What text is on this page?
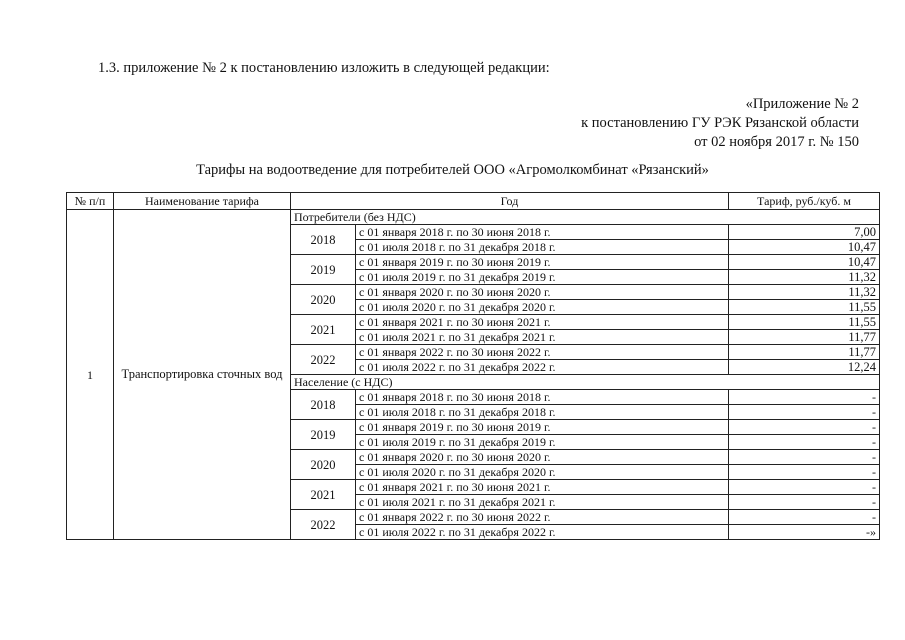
1.3. приложение № 2 к постановлению изложить в следующей редакции:
«Приложение № 2
к постановлению ГУ РЭК Рязанской области
от 02 ноября 2017 г. № 150
Тарифы на водоотведение для потребителей ООО «Агромолкомбинат «Рязанский»
№ п/п	Наименование тарифа	Год		Тариф, руб./куб. м
1	Транспортировка сточных вод	Потребители (без НДС)		
		2018	с 01 января 2018 г. по 30 июня 2018 г.	7,00
			с 01 июля 2018 г. по 31 декабря 2018 г.	10,47
		2019	с 01 января 2019 г. по 30 июня 2019 г.	10,47
			с 01 июля 2019 г. по 31 декабря 2019 г.	11,32
		2020	с 01 января 2020 г. по 30 июня 2020 г.	11,32
			с 01 июля 2020 г. по 31 декабря 2020 г.	11,55
		2021	с 01 января 2021 г. по 30 июня 2021 г.	11,55
			с 01 июля 2021 г. по 31 декабря 2021 г.	11,77
		2022	с 01 января 2022 г. по 30 июня 2022 г.	11,77
			с 01 июля 2022 г. по 31 декабря 2022 г.	12,24
		Население (с НДС)		
		2018	с 01 января 2018 г. по 30 июня 2018 г.	-
			с 01 июля 2018 г. по 31 декабря 2018 г.	-
		2019	с 01 января 2019 г. по 30 июня 2019 г.	-
			с 01 июля 2019 г. по 31 декабря 2019 г.	-
		2020	с 01 января 2020 г. по 30 июня 2020 г.	-
			с 01 июля 2020 г. по 31 декабря 2020 г.	-
		2021	с 01 января 2021 г. по 30 июня 2021 г.	-
			с 01 июля 2021 г. по 31 декабря 2021 г.	-
		2022	с 01 января 2022 г. по 30 июня 2022 г.	-
			с 01 июля 2022 г. по 31 декабря 2022 г.	-»
